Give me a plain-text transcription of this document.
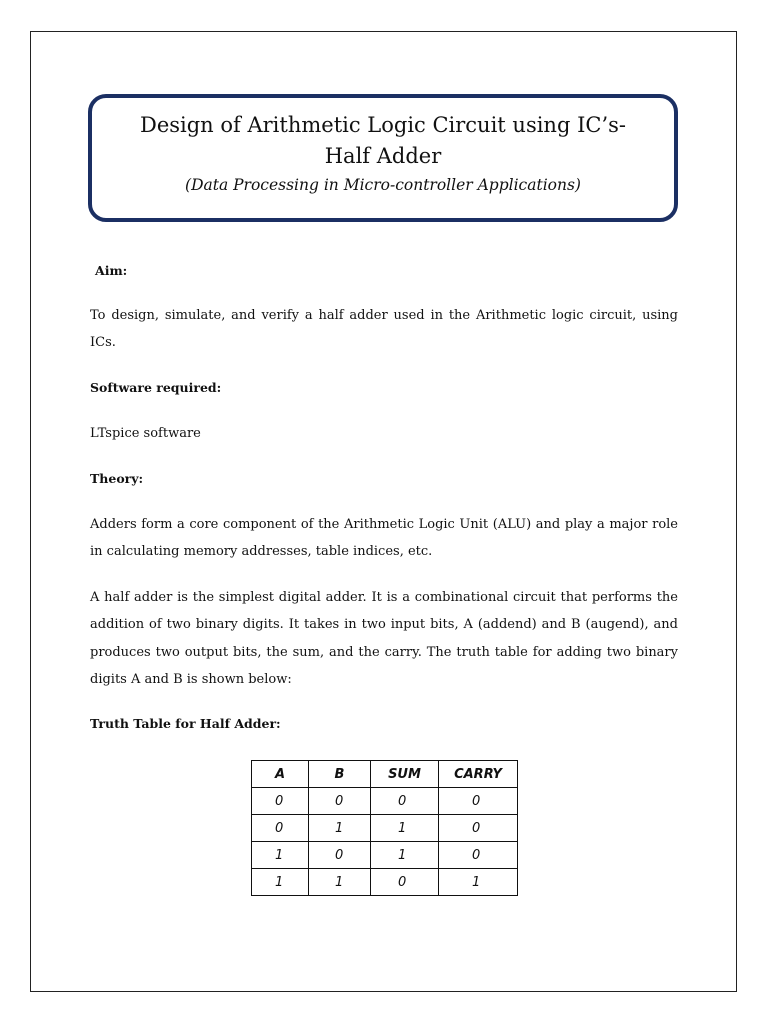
Design of Arithmetic Logic Circuit using IC’s-
Half Adder
(Data Processing in Micro-controller Applications)
Aim:
To design, simulate, and verify a half adder used in the Arithmetic logic circuit, using ICs.
Software required:
LTspice software
Theory:
Adders form a core component of the Arithmetic Logic Unit (ALU) and play a major role in calculating memory addresses, table indices, etc.
A half adder is the simplest digital adder. It is a combinational circuit that performs the addition of two binary digits. It takes in two input bits, A (addend) and B (augend), and produces two output bits, the sum, and the carry. The truth table for adding two binary digits A and B is shown below:
Truth Table for Half Adder:
A	B	SUM	CARRY
0	0	0	0
0	1	1	0
1	0	1	0
1	1	0	1
